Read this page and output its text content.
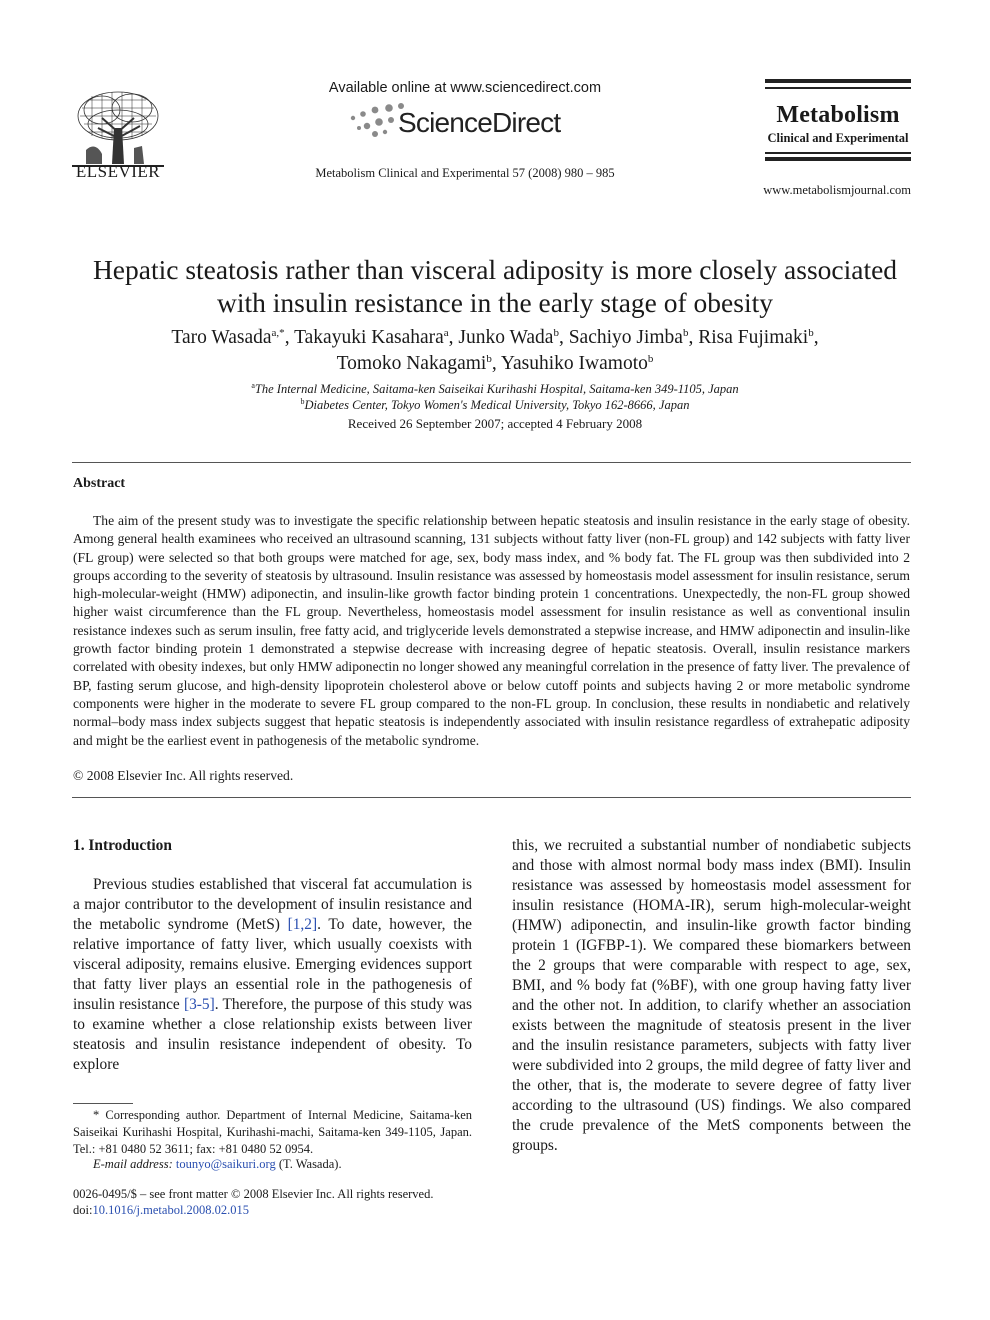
ELSEVIER
Available online at www.sciencedirect.com
ScienceDirect
Metabolism Clinical and Experimental 57 (2008) 980 – 985
Metabolism
Clinical and Experimental
www.metabolismjournal.com
Hepatic steatosis rather than visceral adiposity is more closely associated
with insulin resistance in the early stage of obesity
Taro Wasada$^{a,*}$, Takayuki Kasahara$^a$, Junko Wada$^b$, Sachiyo Jimba$^b$, Risa Fujimaki$^b$,
Tomoko Nakagami$^b$, Yasuhiko Iwamoto$^b$
$^a$The Internal Medicine, Saitama-ken Saiseikai Kurihashi Hospital, Saitama-ken 349-1105, Japan
$^b$Diabetes Center, Tokyo Women's Medical University, Tokyo 162-8666, Japan
Received 26 September 2007; accepted 4 February 2008
Abstract
The aim of the present study was to investigate the specific relationship between hepatic steatosis and insulin resistance in the early stage of obesity. Among general health examinees who received an ultrasound scanning, 131 subjects without fatty liver (non-FL group) and 142 subjects with fatty liver (FL group) were selected so that both groups were matched for age, sex, body mass index, and % body fat. The FL group was then subdivided into 2 groups according to the severity of steatosis by ultrasound. Insulin resistance was assessed by homeostasis model assessment for insulin resistance, serum high-molecular-weight (HMW) adiponectin, and insulin-like growth factor binding protein 1 concentrations. Unexpectedly, the non-FL group showed higher waist circumference than the FL group. Nevertheless, homeostasis model assessment for insulin resistance as well as conventional insulin resistance indexes such as serum insulin, free fatty acid, and triglyceride levels demonstrated a stepwise increase, and HMW adiponectin and insulin-like growth factor binding protein 1 demonstrated a stepwise decrease with increasing degree of hepatic steatosis. Overall, insulin resistance markers correlated with obesity indexes, but only HMW adiponectin no longer showed any meaningful correlation in the presence of fatty liver. The prevalence of BP, fasting serum glucose, and high-density lipoprotein cholesterol above or below cutoff points and subjects having 2 or more metabolic syndrome components were higher in the moderate to severe FL group compared to the non-FL group. In conclusion, these results in nondiabetic and relatively normal–body mass index subjects suggest that hepatic steatosis is independently associated with insulin resistance regardless of extrahepatic adiposity and might be the earliest event in pathogenesis of the metabolic syndrome.
© 2008 Elsevier Inc. All rights reserved.
1. Introduction
Previous studies established that visceral fat accumulation is a major contributor to the development of insulin resistance and the metabolic syndrome (MetS) [1,2]. To date, however, the relative importance of fatty liver, which usually coexists with visceral adiposity, remains elusive. Emerging evidences support that fatty liver plays an essential role in the pathogenesis of insulin resistance [3-5]. Therefore, the purpose of this study was to examine whether a close relationship exists between liver steatosis and insulin resistance independent of obesity. To explore
this, we recruited a substantial number of nondiabetic subjects and those with almost normal body mass index (BMI). Insulin resistance was assessed by homeostasis model assessment for insulin resistance (HOMA-IR), serum high-molecular-weight (HMW) adiponectin, and insulin-like growth factor binding protein 1 (IGFBP-1). We compared these biomarkers between the 2 groups that were comparable with respect to age, sex, BMI, and % body fat (%BF), with one group having fatty liver and the other not. In addition, to clarify whether an association exists between the magnitude of steatosis present in the liver and the insulin resistance parameters, subjects with fatty liver were subdivided into 2 groups, the mild degree of fatty liver and the other, that is, the moderate to severe degree of fatty liver according to the ultrasound (US) findings. We also compared the crude prevalence of the MetS components between the groups.
* Corresponding author. Department of Internal Medicine, Saitama-ken Saiseikai Kurihashi Hospital, Kurihashi-machi, Saitama-ken 349-1105, Japan. Tel.: +81 0480 52 3611; fax: +81 0480 52 0954.
E-mail address: tounyo@saikuri.org (T. Wasada).
0026-0495/$ – see front matter © 2008 Elsevier Inc. All rights reserved.
doi:10.1016/j.metabol.2008.02.015
